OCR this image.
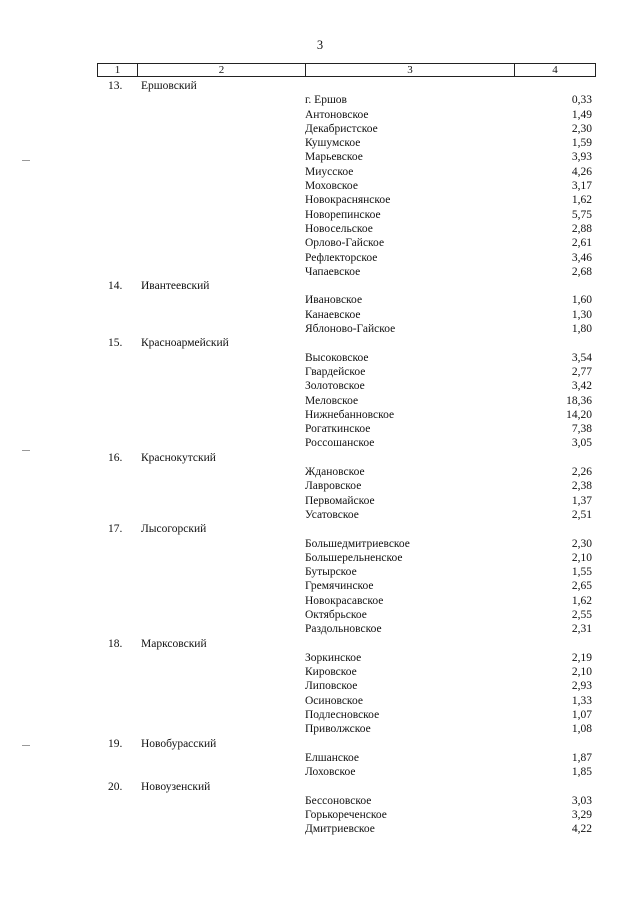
3
1	2	3	4
13. Ершовский
г. Ершов	0,33
Антоновское	1,49
Декабристское	2,30
Кушумское	1,59
Марьевское	3,93
Миусское	4,26
Моховское	3,17
Новокраснянское	1,62
Новорепинское	5,75
Новосельское	2,88
Орлово-Гайское	2,61
Рефлекторское	3,46
Чапаевское	2,68
14. Ивантеевский
Ивановское	1,60
Канаевское	1,30
Яблоново-Гайское	1,80
15. Красноармейский
Высоковское	3,54
Гвардейское	2,77
Золотовское	3,42
Меловское	18,36
Нижнебанновское	14,20
Рогаткинское	7,38
Россошанское	3,05
16. Краснокутский
Ждановское	2,26
Лавровское	2,38
Первомайское	1,37
Усатовское	2,51
17. Лысогорский
Большедмитриевское	2,30
Большерельненское	2,10
Бутырское	1,55
Гремячинское	2,65
Новокрасавское	1,62
Октябрьское	2,55
Раздольновское	2,31
18. Марксовский
Зоркинское	2,19
Кировское	2,10
Липовское	2,93
Осиновское	1,33
Подлесновское	1,07
Приволжское	1,08
19. Новобурасский
Елшанское	1,87
Лоховское	1,85
20. Новоузенский
Бессоновское	3,03
Горькореченское	3,29
Дмитриевское	4,22
